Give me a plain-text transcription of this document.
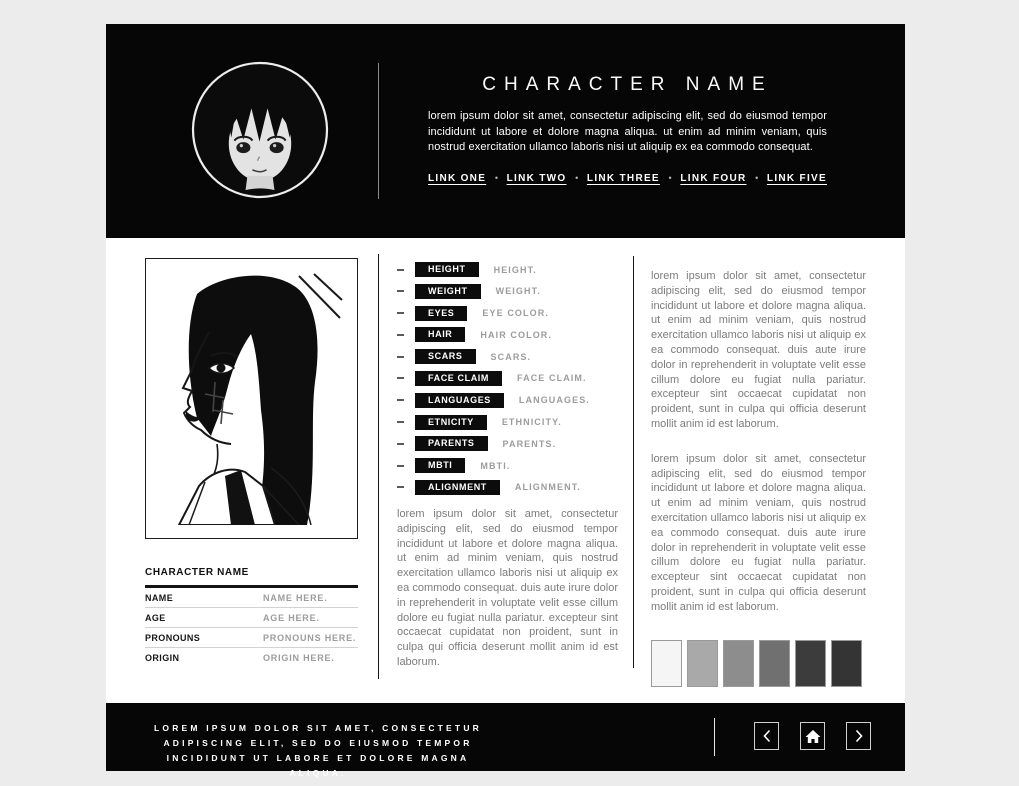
CHARACTER NAME

lorem ipsum dolor sit amet, consectetur adipiscing elit, sed do eiusmod tempor incididunt ut labore et dolore magna aliqua. ut enim ad minim veniam, quis nostrud exercitation ullamco laboris nisi ut aliquip ex ea commodo consequat.

LINK ONE • LINK TWO • LINK THREE • LINK FOUR • LINK FIVE
CHARACTER NAME
NAME	NAME HERE.
AGE	AGE HERE.
PRONOUNS	PRONOUNS HERE.
ORIGIN	ORIGIN HERE.
HEIGHT	HEIGHT.
WEIGHT	WEIGHT.
EYES	EYE COLOR.
HAIR	HAIR COLOR.
SCARS	SCARS.
FACE CLAIM	FACE CLAIM.
LANGUAGES	LANGUAGES.
ETNICITY	ETHNICITY.
PARENTS	PARENTS.
MBTI	MBTI.
ALIGNMENT	ALIGNMENT.

lorem ipsum dolor sit amet, consectetur adipiscing elit, sed do eiusmod tempor incididunt ut labore et dolore magna aliqua. ut enim ad minim veniam, quis nostrud exercitation ullamco laboris nisi ut aliquip ex ea commodo consequat. duis aute irure dolor in reprehenderit in voluptate velit esse cillum dolore eu fugiat nulla pariatur. excepteur sint occaecat cupidatat non proident, sunt in culpa qui officia deserunt mollit anim id est laborum.

lorem ipsum dolor sit amet, consectetur adipiscing elit, sed do eiusmod tempor incididunt ut labore et dolore magna aliqua. ut enim ad minim veniam, quis nostrud exercitation ullamco laboris nisi ut aliquip ex ea commodo consequat. duis aute irure dolor in reprehenderit in voluptate velit esse cillum dolore eu fugiat nulla pariatur. excepteur sint occaecat cupidatat non proident, sunt in culpa qui officia deserunt mollit anim id est laborum.

lorem ipsum dolor sit amet, consectetur adipiscing elit, sed do eiusmod tempor incididunt ut labore et dolore magna aliqua. ut enim ad minim veniam, quis nostrud exercitation ullamco laboris nisi ut aliquip ex ea commodo consequat. duis aute irure dolor in reprehenderit in voluptate velit esse cillum dolore eu fugiat nulla pariatur. excepteur sint occaecat cupidatat non proident, sunt in culpa qui officia deserunt mollit anim id est laborum.

LOREM IPSUM DOLOR SIT AMET, CONSECTETUR ADIPISCING ELIT, SED DO EIUSMOD TEMPOR INCIDIDUNT UT LABORE ET DOLORE MAGNA ALIQUA.
